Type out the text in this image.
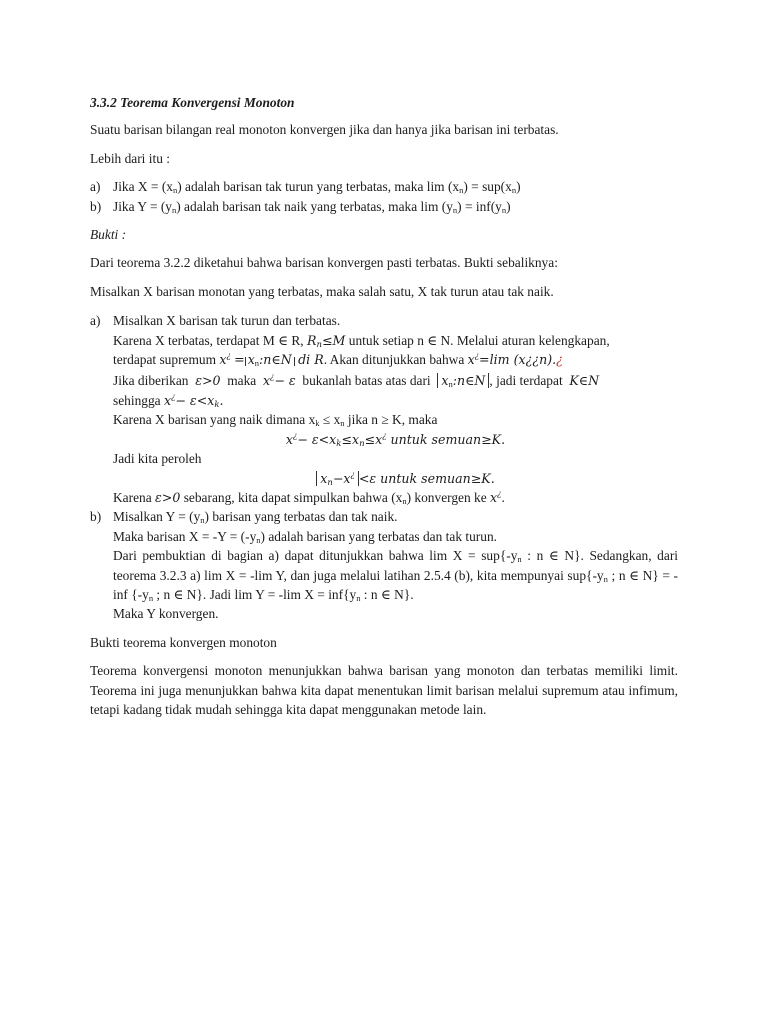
3.3.2 Teorema Konvergensi Monoton

Suatu barisan bilangan real monoton konvergen jika dan hanya jika barisan ini terbatas.

Lebih dari itu :

a) Jika $X = (x_n)$ adalah barisan tak turun yang terbatas, maka $\lim (x_n) = sup(x_n)$
b) Jika $Y = (y_n)$ adalah barisan tak naik yang terbatas, maka $\lim (y_n) = inf(y_n)$

Bukti :

Dari teorema 3.2.2 diketahui bahwa barisan konvergen pasti terbatas. Bukti sebaliknya:

Misalkan X barisan monotan yang terbatas, maka salah satu, X tak turun atau tak naik.

a) Misalkan X barisan tak turun dan terbatas.

Karena X terbatas, terdapat M ∈ R, $R_n\le M$ untuk setiap n ∈ N. Melalui aturan kelengkapan,

terdapat supremum $x^¿ = x_n:n\in N$ di R. Akan ditunjukkan bahwa x¿=lim (x¿¿n).¿

Jika diberikan ε>0 maka x¿− ε bukanlah batas atas dari $x_n:n\in N$ , jadi terdapat K∈N

sehingga $x^¿- \varepsilon<x_k$.

Karena X barisan yang naik dimana $x_k \le x_n$ jika n ≥ K, maka

$x^¿- \varepsilon<x_k\le x_n\le x^¿$ untuk semuan≥K.

Jadi kita peroleh

$x_n-x^¿ <\varepsilon$ untuk semuan≥K.

Karena ε>0 sebarang, kita dapat simpulkan bahwa $(x_n)$ konvergen ke x¿.

b) Misalkan $Y = (y_n)$ barisan yang terbatas dan tak naik.

Maka barisan $X = -Y = (-y_n)$ adalah barisan yang terbatas dan tak turun.

Dari pembuktian di bagian a) dapat ditunjukkan bahwa $\lim X = sup\{-y_n$ : n ∈ N}. Sedangkan, dari teorema 3.2.3 a) lim X = -lim Y, dan juga melalui latihan 2.5.4 (b), kita mempunyai $sup\{-y_n$ ; n ∈ N} = -inf {$-y_n$ ; n ∈ N}. Jadi lim Y = -lim $X = inf\{y_n$ : n ∈ N}.

Maka Y konvergen.

Bukti teorema konvergen monoton

Teorema konvergensi monoton menunjukkan bahwa barisan yang monoton dan terbatas memiliki limit. Teorema ini juga menunjukkan bahwa kita dapat menentukan limit barisan melalui supremum atau infimum, tetapi kadang tidak mudah sehingga kita dapat menggunakan metode lain.
